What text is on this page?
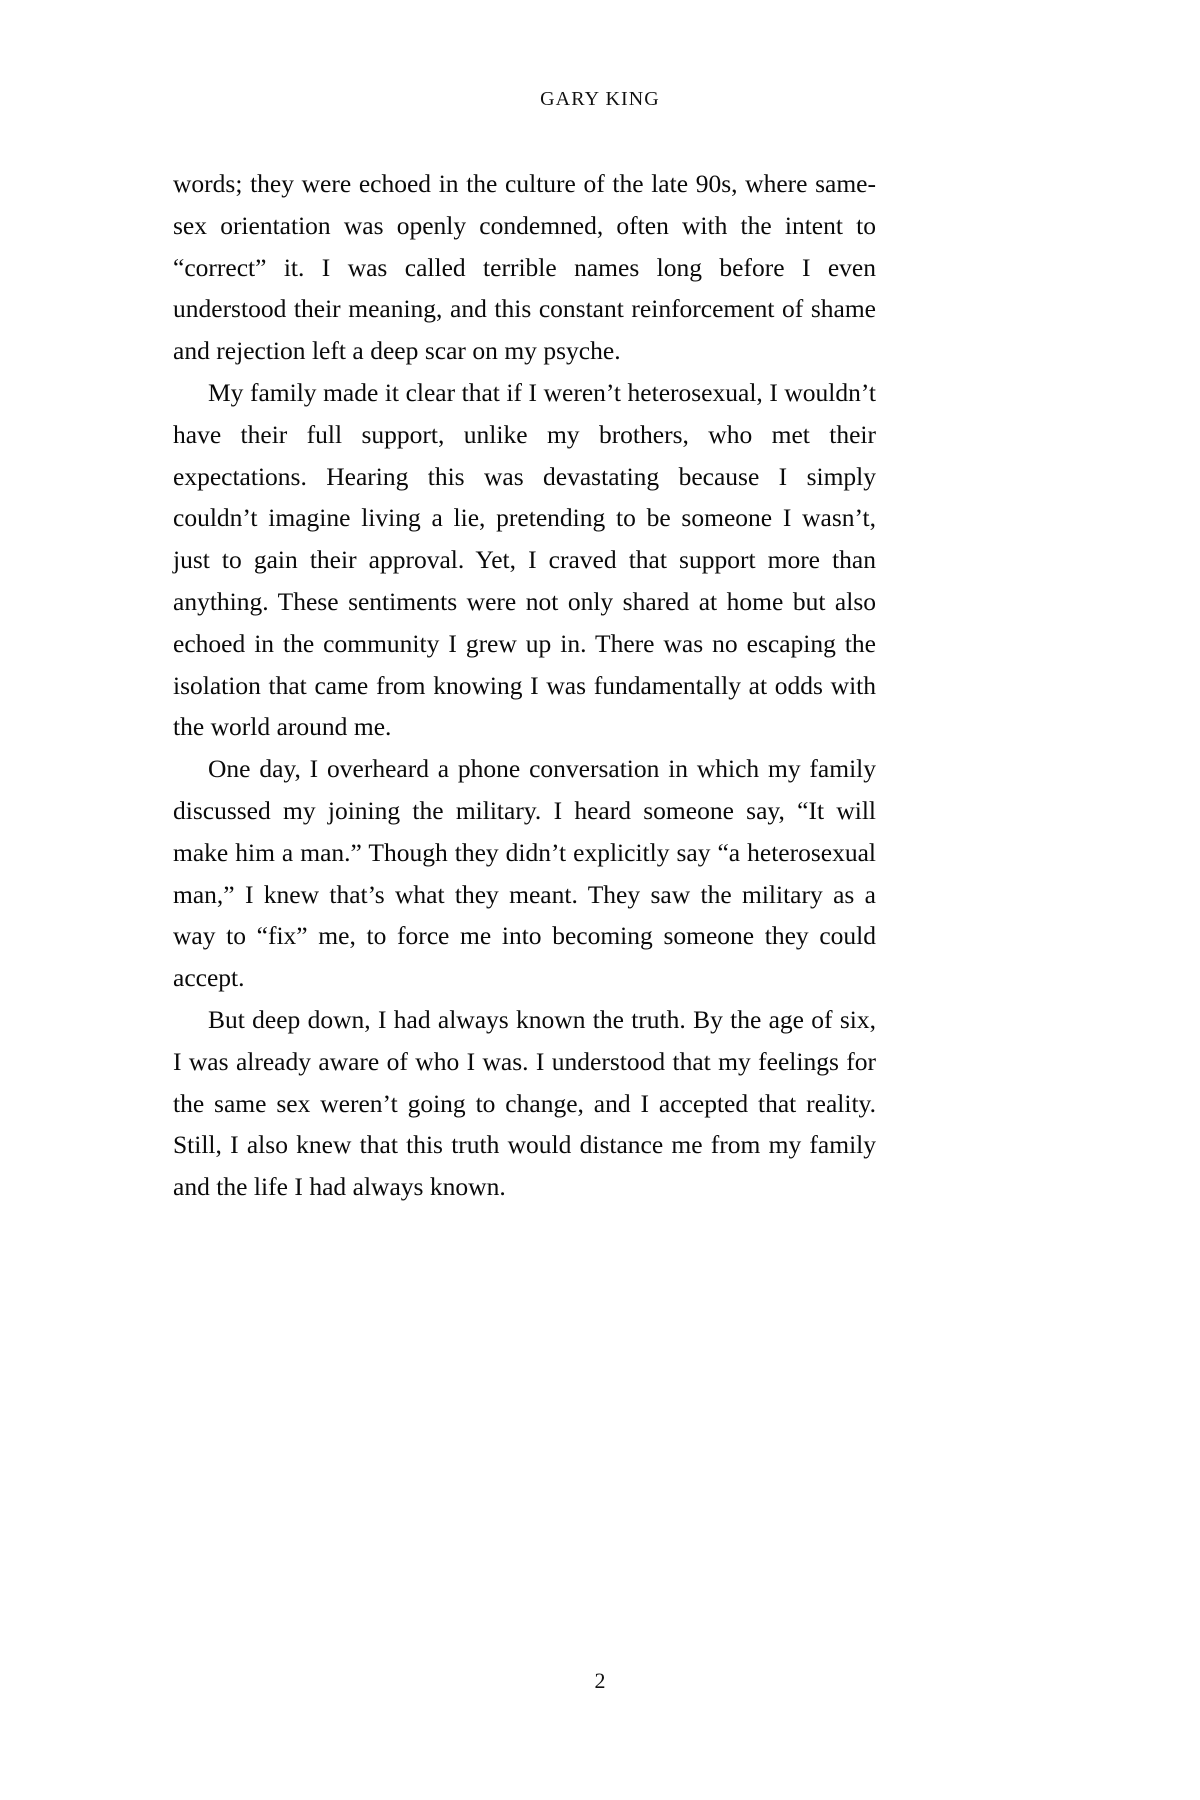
GARY KING

words; they were echoed in the culture of the late 90s, where same-sex orientation was openly condemned, often with the intent to “correct” it. I was called terrible names long before I even understood their meaning, and this constant reinforcement of shame and rejection left a deep scar on my psyche.

My family made it clear that if I weren’t heterosexual, I wouldn’t have their full support, unlike my brothers, who met their expectations. Hearing this was devastating because I simply couldn’t imagine living a lie, pretending to be someone I wasn’t, just to gain their approval. Yet, I craved that support more than anything. These sentiments were not only shared at home but also echoed in the community I grew up in. There was no escaping the isolation that came from knowing I was fundamentally at odds with the world around me.

One day, I overheard a phone conversation in which my family discussed my joining the military. I heard someone say, “It will make him a man.” Though they didn’t explicitly say “a heterosexual man,” I knew that’s what they meant. They saw the military as a way to “fix” me, to force me into becoming someone they could accept.

But deep down, I had always known the truth. By the age of six, I was already aware of who I was. I understood that my feelings for the same sex weren’t going to change, and I accepted that reality. Still, I also knew that this truth would distance me from my family and the life I had always known.

2
